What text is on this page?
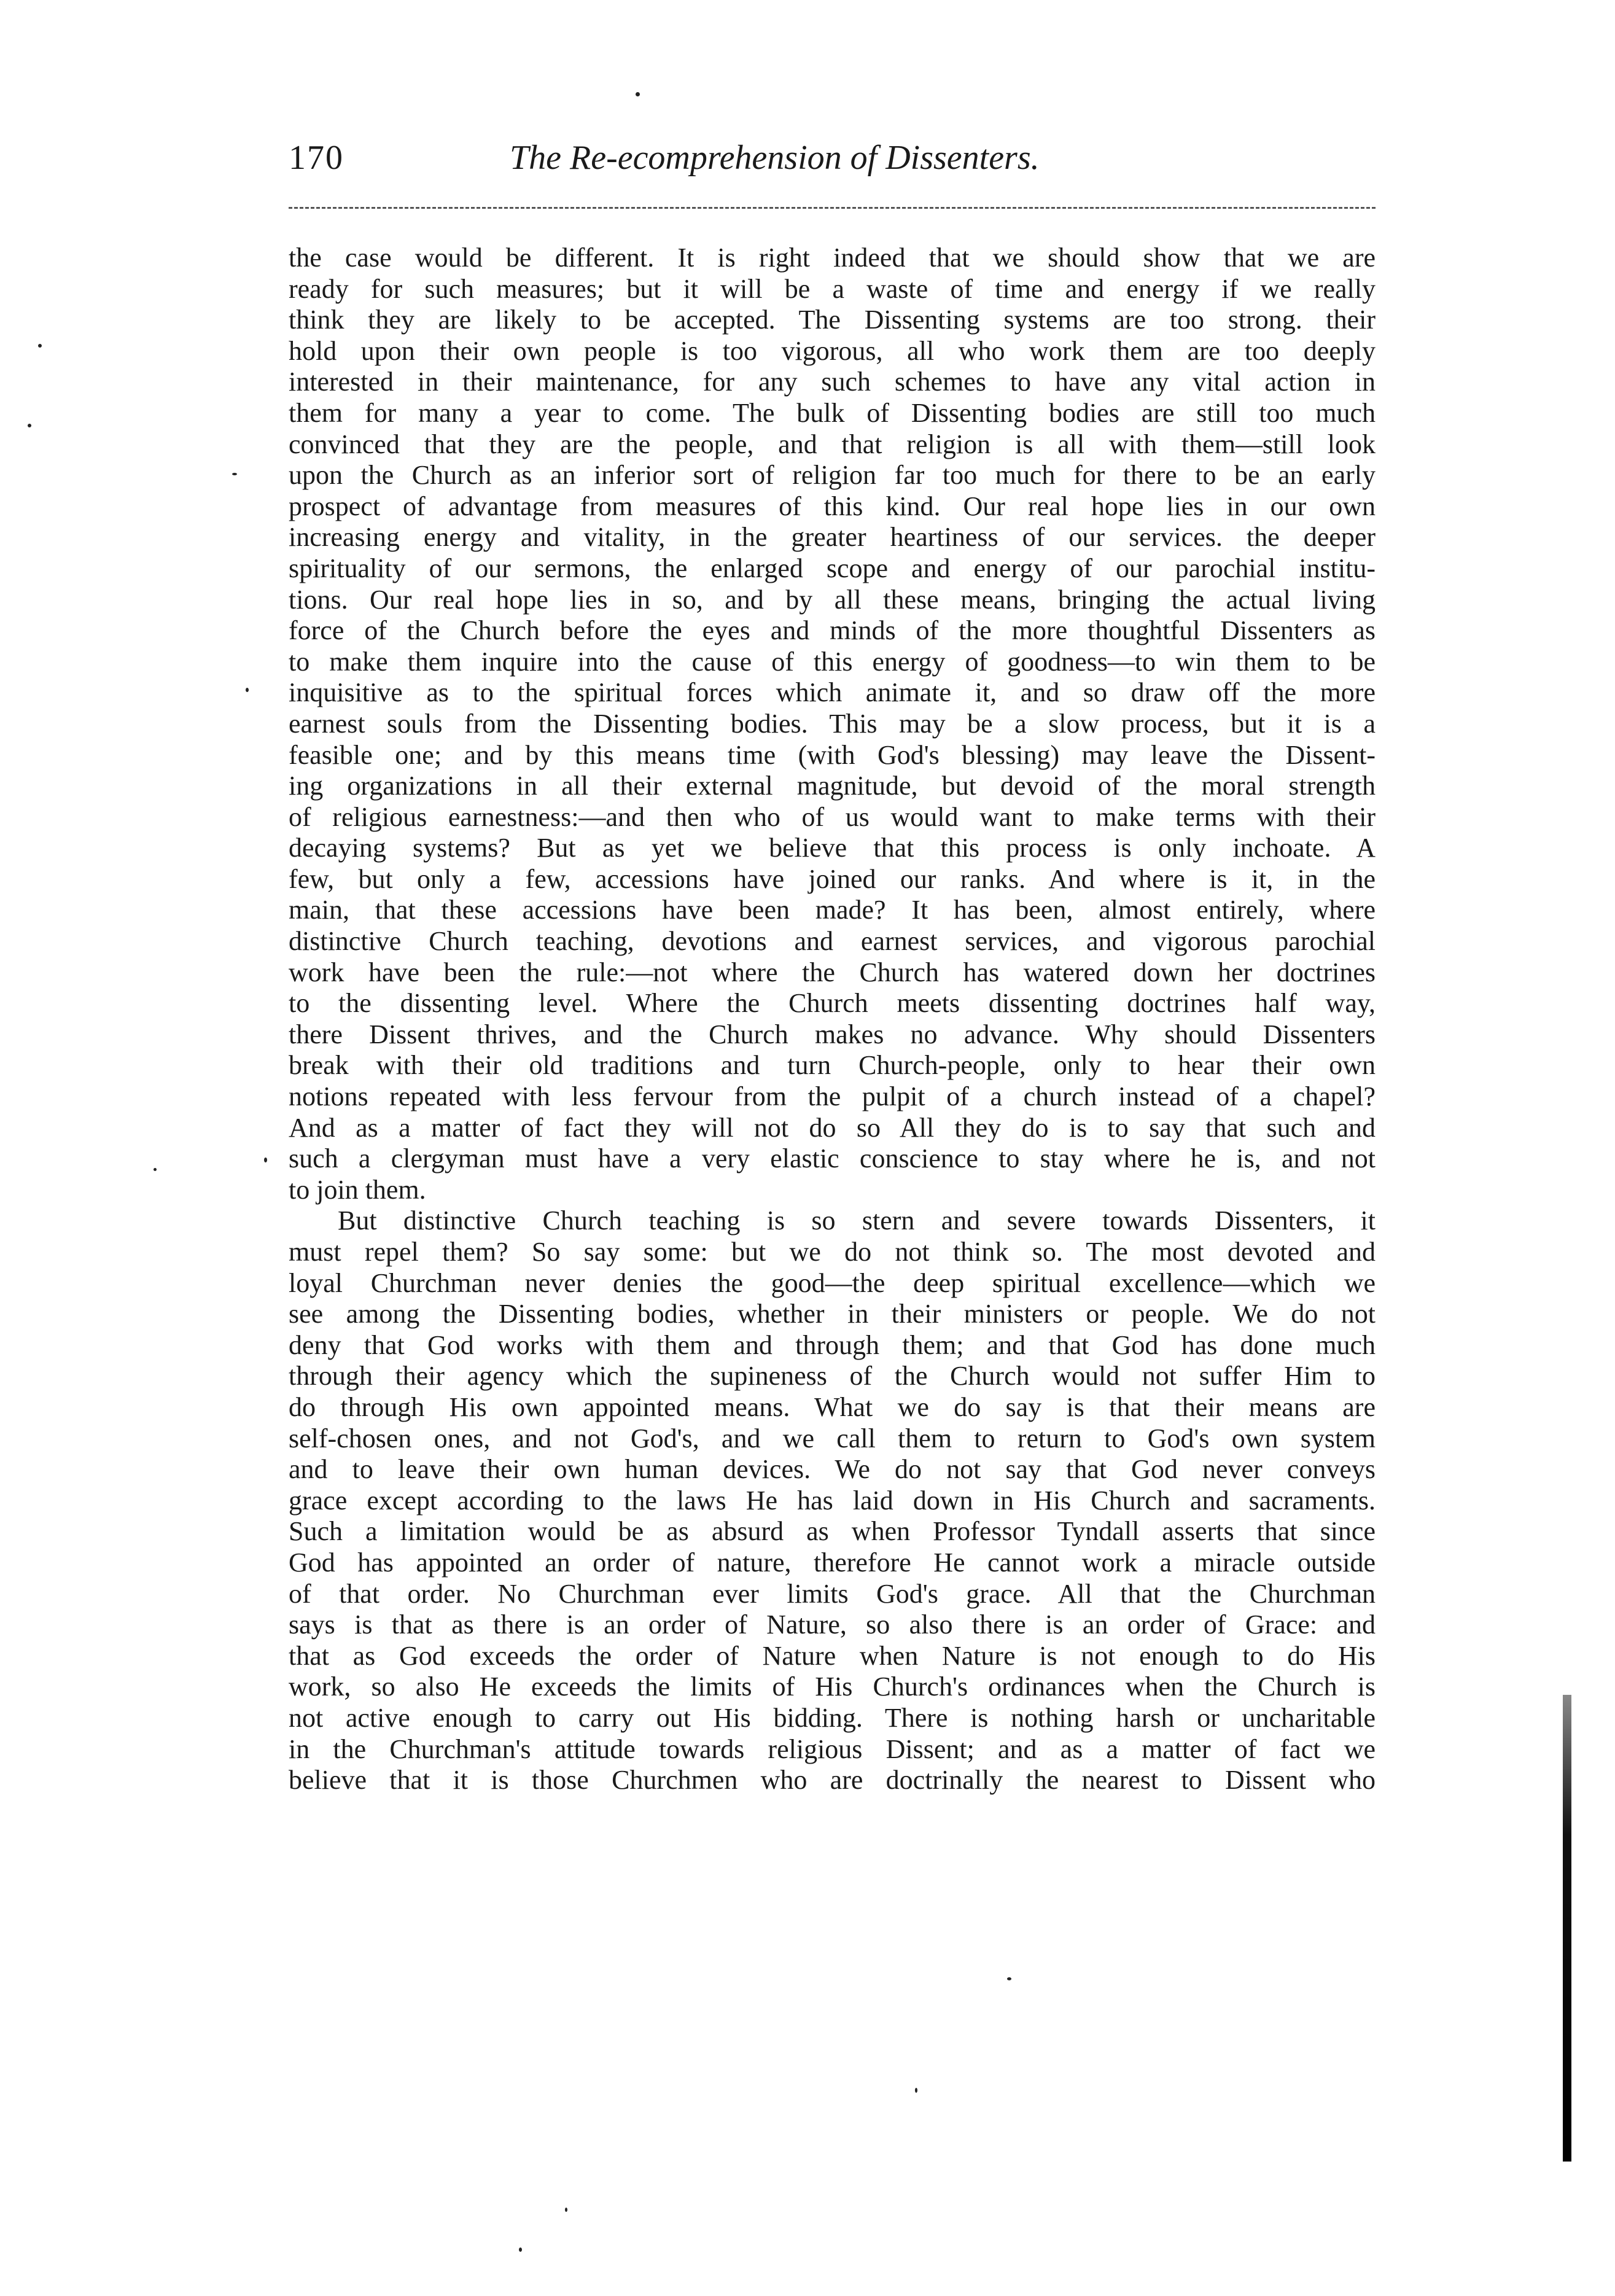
170	The Re-ecomprehension of Dissenters.
the case would be different. It is right indeed that we should show that we are
ready for such measures; but it will be a waste of time and energy if we really
think they are likely to be accepted. The Dissenting systems are too strong. their
hold upon their own people is too vigorous, all who work them are too deeply
interested in their maintenance, for any such schemes to have any vital action in
them for many a year to come. The bulk of Dissenting bodies are still too much
convinced that they are the people, and that religion is all with them—still look
upon the Church as an inferior sort of religion far too much for there to be an early
prospect of advantage from measures of this kind. Our real hope lies in our own
increasing energy and vitality, in the greater heartiness of our services. the deeper
spirituality of our sermons, the enlarged scope and energy of our parochial institu-
tions. Our real hope lies in so, and by all these means, bringing the actual living
force of the Church before the eyes and minds of the more thoughtful Dissenters as
to make them inquire into the cause of this energy of goodness—to win them to be
inquisitive as to the spiritual forces which animate it, and so draw off the more
earnest souls from the Dissenting bodies. This may be a slow process, but it is a
feasible one; and by this means time (with God's blessing) may leave the Dissent-
ing organizations in all their external magnitude, but devoid of the moral strength
of religious earnestness:—and then who of us would want to make terms with their
decaying systems? But as yet we believe that this process is only inchoate. A
few, but only a few, accessions have joined our ranks. And where is it, in the
main, that these accessions have been made? It has been, almost entirely, where
distinctive Church teaching, devotions and earnest services, and vigorous parochial
work have been the rule:—not where the Church has watered down her doctrines
to the dissenting level. Where the Church meets dissenting doctrines half way,
there Dissent thrives, and the Church makes no advance. Why should Dissenters
break with their old traditions and turn Church-people, only to hear their own
notions repeated with less fervour from the pulpit of a church instead of a chapel?
And as a matter of fact they will not do so All they do is to say that such and
such a clergyman must have a very elastic conscience to stay where he is, and not
to join them.
But distinctive Church teaching is so stern and severe towards Dissenters, it
must repel them? So say some: but we do not think so. The most devoted and
loyal Churchman never denies the good—the deep spiritual excellence—which we
see among the Dissenting bodies, whether in their ministers or people. We do not
deny that God works with them and through them; and that God has done much
through their agency which the supineness of the Church would not suffer Him to
do through His own appointed means. What we do say is that their means are
self-chosen ones, and not God's, and we call them to return to God's own system
and to leave their own human devices. We do not say that God never conveys
grace except according to the laws He has laid down in His Church and sacraments.
Such a limitation would be as absurd as when Professor Tyndall asserts that since
God has appointed an order of nature, therefore He cannot work a miracle outside
of that order. No Churchman ever limits God's grace. All that the Churchman
says is that as there is an order of Nature, so also there is an order of Grace: and
that as God exceeds the order of Nature when Nature is not enough to do His
work, so also He exceeds the limits of His Church's ordinances when the Church is
not active enough to carry out His bidding. There is nothing harsh or uncharitable
in the Churchman's attitude towards religious Dissent; and as a matter of fact we
believe that it is those Churchmen who are doctrinally the nearest to Dissent who
